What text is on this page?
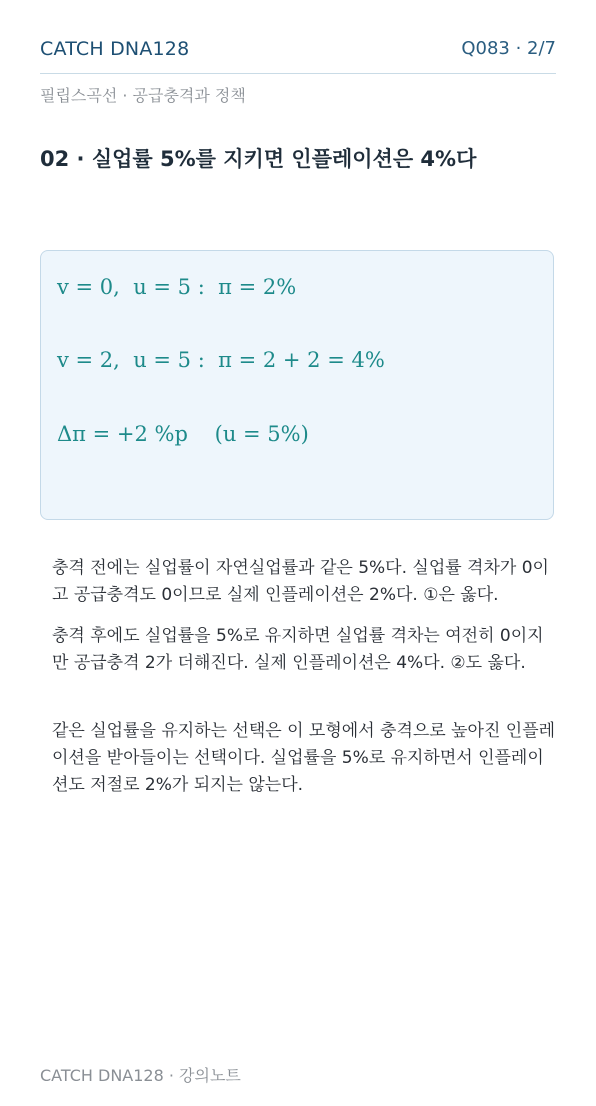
CATCH DNA128	Q083 · 2/7
필립스곡선 · 공급충격과 정책
02 · 실업률 5%를 지키면 인플레이션은 4%다
v = 0,  u = 5 :  π = 2%
v = 2,  u = 5 :  π = 2 + 2 = 4%
Δπ = +2 %p    (u = 5%)
충격 전에는 실업률이 자연실업률과 같은 5%다. 실업률 격차가 0이고 공급충격도 0이므로 실제 인플레이션은 2%다. ①은 옳다.
충격 후에도 실업률을 5%로 유지하면 실업률 격차는 여전히 0이지만 공급충격 2가 더해진다. 실제 인플레이션은 4%다. ②도 옳다.
같은 실업률을 유지하는 선택은 이 모형에서 충격으로 높아진 인플레이션을 받아들이는 선택이다. 실업률을 5%로 유지하면서 인플레이션도 저절로 2%가 되지는 않는다.
CATCH DNA128 · 강의노트
